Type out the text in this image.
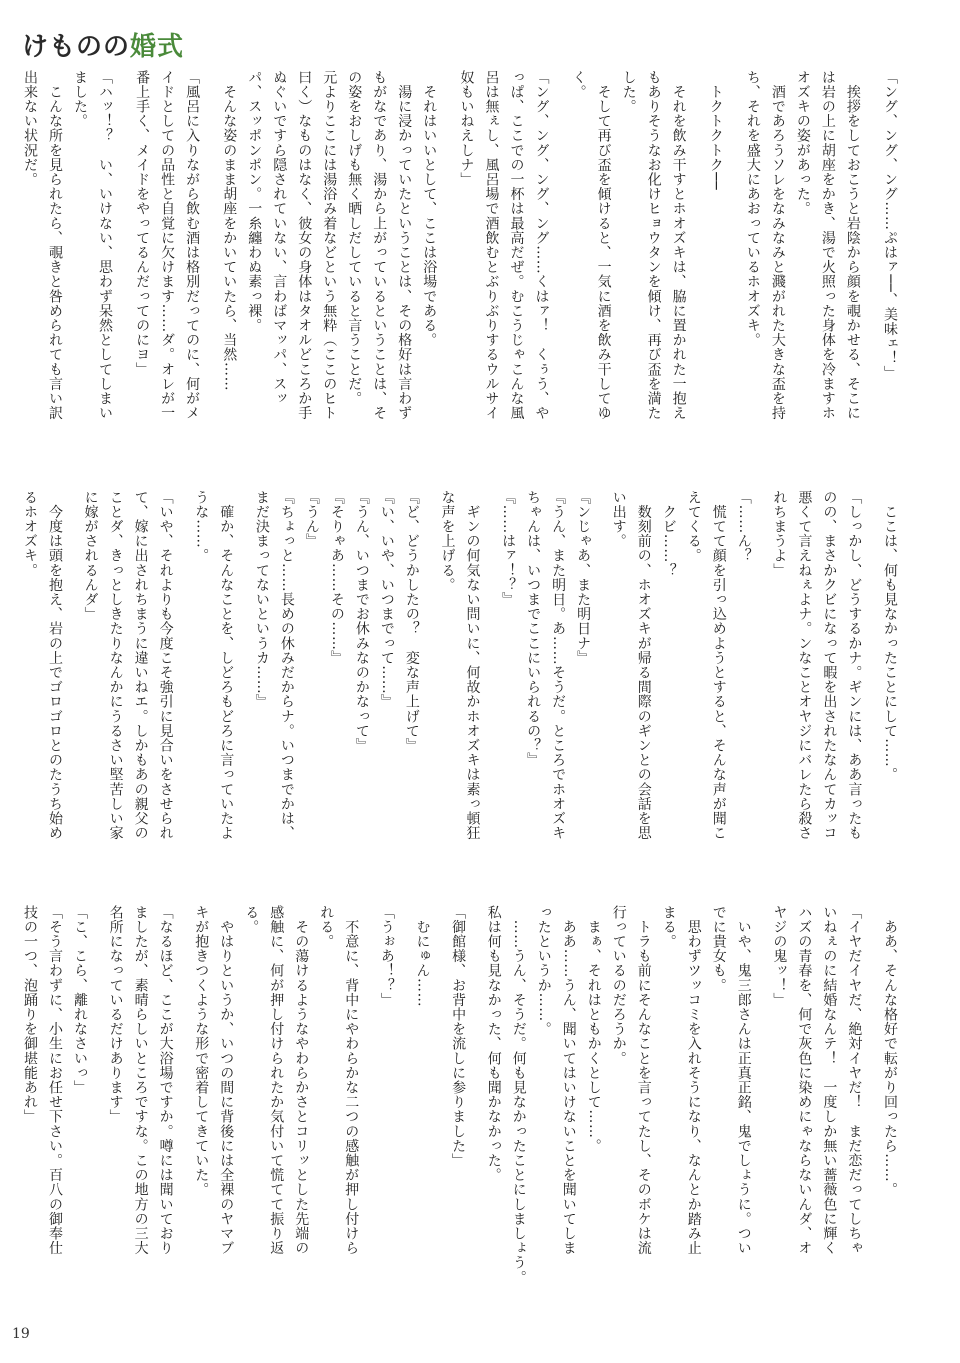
けものの 婚式
「ング、ング、ング……ぷはァ──、美味ェ！」
　挨拶をしておこうと岩陰から顔を覗かせる、そこに
は岩の上に胡座をかき、湯で火照った身体を冷ますホ
オズキの姿があった。
　酒であろうソレをなみなみと濺がれた大きな盃を持
ち、それを盛大にあおっているホオズキ。
　トクトクトク──
　それを飲み干すとホオズキは、脇に置かれた一抱え
もありそうなお化けヒョウタンを傾け、再び盃を満た
した。
　そして再び盃を傾けると、一気に酒を飲み干してゆ
く。
「ング、ング、ング、ング……くはァ！　くぅう、や
っぱ、ここでの一杯は最高だぜ。むこうじゃこんな風
呂は無ぇし、風呂場で酒飲むとぶりぶりするウルサイ
奴もいねえしナ」
　それはいいとして、ここは浴場である。
　湯に浸かっていたということは、その格好は言わず
もがなであり、湯から上がっているということは、そ
の姿をおしげも無く晒しだしていると言うことだ。
元よりここには湯浴み着などという無粋（ここのヒト
曰く）なものはなく、彼女の身体はタオルどころか手
ぬぐいですら隠されていない、言わばマッパ、スッ
パ、スッポンポン。一糸纏わぬ素っ裸。
　そんな姿のまま胡座をかいていたら、当然……
「風呂に入りながら飲む酒は格別だってのに、何がメ
イドとしての品性と自覚に欠けます……ダ。オレが一
番上手く、メイドをやってるんだってのにヨ」
「ハッ！？　い、いけない、思わず呆然としてしまい
ました。
　こんな所を見られたら、覗きと咎められても言い訳
出来ない状況だ。
　ここは、何も見なかったことにして……。
「しっかし、どうするかナ。ギンには、ああ言ったも
のの、まさかクビになって暇を出されたなんてカッコ
悪くて言えねぇよナ。ンなことオヤジにバレたら殺さ
れちまうよ」
「……ん？
　慌てて顔を引っ込めようとすると、そんな声が聞こ
えてくる。
　クビ……？
　数刻前の、ホオズキが帰る間際のギンとの会話を思
い出す。
『ンじゃあ、また明日ナ』
『うん、また明日。あ……そうだ。ところでホオズキ
ちゃんは、いつまでここにいられるの？』
『……はァ！？』
　ギンの何気ない問いに、何故かホオズキは素っ頓狂
な声を上げる。
『ど、どうかしたの？　変な声上げて』
『い、いや、いつまでって……』
『うん、いつまでお休みなのかなって』
『そりゃあ……その……』
『うん』
『ちょっと……長めの休みだからナ。いつまでかは、
まだ決まってないというカ……』
　確か、そんなことを、しどろもどろに言っていたよ
うな……。
「いや、それよりも今度こそ強引に見合いをさせられ
て、嫁に出されちまうに違いねエ。しかもあの親父の
ことダ、きっとしきたりなんかにうるさい堅苦しい家
に嫁がされるんダ」
　今度は頭を抱え、岩の上でゴロゴロとのたうち始め
るホオズキ。
　ああ、そんな格好で転がり回ったら……。
「イヤだイヤだ、絶対イヤだ！　まだ恋だってしちゃ
いねぇのに結婚なんテ！　一度しか無い薔薇色に輝く
ハズの青春を、何で灰色に染めにゃならないんダ、オ
ヤジの鬼ッ！」
　いや、鬼三郎さんは正真正銘、鬼でしょうに。つい
でに貴女も。
　思わずツッコミを入れそうになり、なんとか踏み止
まる。
　トラも前にそんなことを言ってたし、そのボケは流
行っているのだろうか。
　まぁ、それはともかくとして……。
　ああ……うん、聞いてはいけないことを聞いてしま
ったというか……。
　……うん、そうだ。何も見なかったことにしましょう。
私は何も見なかった、何も聞かなかった。
「御館様、お背中を流しに参りました」
　むにゅん……
「うぉあ！？」
　不意に、背中にやわらかな二つの感触が押し付けら
れる。
　その蕩けるようなやわらかさとコリッとした先端の
感触に、何が押し付けられたか気付いて慌てて振り返
る。
　やはりというか、いつの間に背後には全裸のヤマブ
キが抱きつくような形で密着してきていた。
「なるほど、ここが大浴場ですか。噂には聞いており
ましたが、素晴らしいところですな。この地方の三大
名所になっているだけあります」
「こ、こら、離れなさいっ」
「そう言わずに、小生にお任せ下さい。百八の御奉仕
技の一つ、泡踊りを御堪能あれ」
19
